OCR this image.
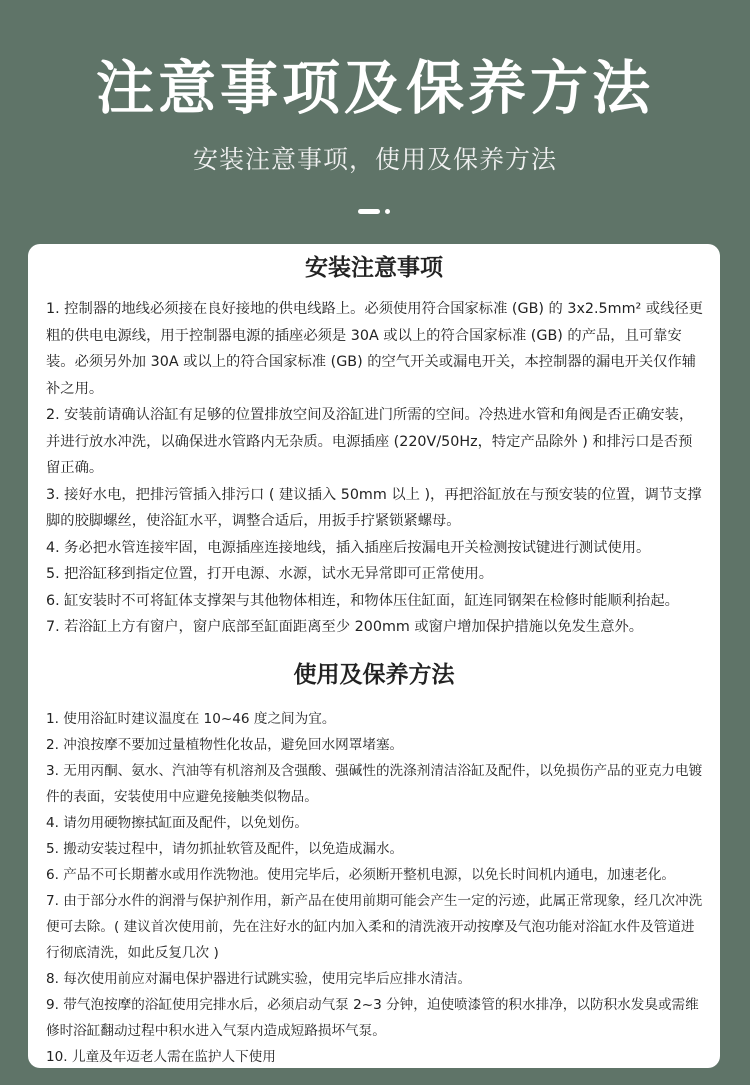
注意事项及保养方法
安装注意事项，使用及保养方法
安装注意事项
1. 控制器的地线必须接在良好接地的供电线路上。必须使用符合国家标准 (GB) 的 3x2.5mm² 或线径更粗的供电电源线，用于控制器电源的插座必须是 30A 或以上的符合国家标准 (GB) 的产品，且可靠安装。必须另外加 30A 或以上的符合国家标准 (GB) 的空气开关或漏电开关，本控制器的漏电开关仅作辅补之用。
2. 安装前请确认浴缸有足够的位置排放空间及浴缸进门所需的空间。冷热进水管和角阀是否正确安装，并进行放水冲洗，以确保进水管路内无杂质。电源插座 (220V/50Hz，特定产品除外 ) 和排污口是否预留正确。
3. 接好水电，把排污管插入排污口 ( 建议插入 50mm 以上 )，再把浴缸放在与预安装的位置，调节支撑脚的胶脚螺丝，使浴缸水平，调整合适后，用扳手拧紧锁紧螺母。
4. 务必把水管连接牢固，电源插座连接地线，插入插座后按漏电开关检测按试键进行测试使用。
5. 把浴缸移到指定位置，打开电源、水源，试水无异常即可正常使用。
6. 缸安装时不可将缸体支撑架与其他物体相连，和物体压住缸面，缸连同钢架在检修时能顺利抬起。
7. 若浴缸上方有窗户，窗户底部至缸面距离至少 200mm 或窗户增加保护措施以免发生意外。
使用及保养方法
1. 使用浴缸时建议温度在 10~46 度之间为宜。
2. 冲浪按摩不要加过量植物性化妆品，避免回水网罩堵塞。
3. 无用丙酮、氨水、汽油等有机溶剂及含强酸、强碱性的洗涤剂清洁浴缸及配件，以免损伤产品的亚克力电镀件的表面，安装使用中应避免接触类似物品。
4. 请勿用硬物擦拭缸面及配件，以免划伤。
5. 搬动安装过程中，请勿抓扯软管及配件，以免造成漏水。
6. 产品不可长期蓄水或用作洗物池。使用完毕后，必须断开整机电源，以免长时间机内通电，加速老化。
7. 由于部分水件的润滑与保护剂作用，新产品在使用前期可能会产生一定的污迹，此属正常现象，经几次冲洗便可去除。( 建议首次使用前，先在注好水的缸内加入柔和的清洗液开动按摩及气泡功能对浴缸水件及管道进行彻底清洗，如此反复几次 )
8. 每次使用前应对漏电保护器进行试跳实验，使用完毕后应排水清洁。
9. 带气泡按摩的浴缸使用完排水后，必须启动气泵 2~3 分钟，迫使喷漆管的积水排净，以防积水发臭或需维修时浴缸翻动过程中积水进入气泵内造成短路损坏气泵。
10. 儿童及年迈老人需在监护人下使用
